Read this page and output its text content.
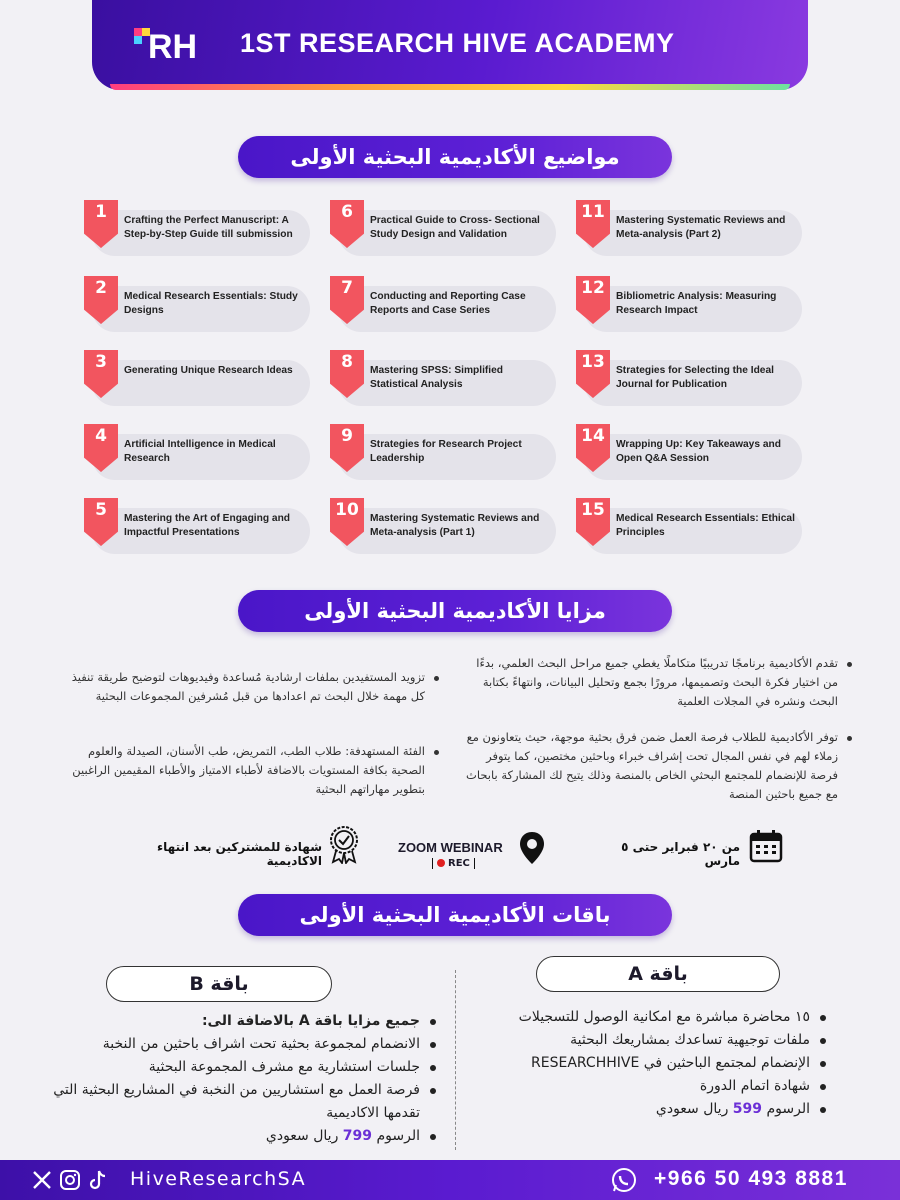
RH 1ST RESEARCH HIVE ACADEMY
مواضيع الأكاديمية البحثية الأولى
1	Crafting the Perfect Manuscript: A Step-by-Step Guide till submission
2	Medical Research Essentials: Study Designs
3	Generating Unique Research Ideas
4	Artificial Intelligence in Medical Research
5	Mastering the Art of Engaging and Impactful Presentations
6	Practical Guide to Cross- Sectional Study Design and Validation
7	Conducting and Reporting Case Reports and Case Series
8	Mastering SPSS: Simplified Statistical Analysis
9	Strategies for Research Project Leadership
10	Mastering Systematic Reviews and Meta-analysis (Part 1)
11	Mastering Systematic Reviews and Meta-analysis (Part 2)
12	Bibliometric Analysis: Measuring Research Impact
13	Strategies for Selecting the Ideal Journal for Publication
14	Wrapping Up: Key Takeaways and Open Q&A Session
15	Medical Research Essentials: Ethical Principles
مزايا الأكاديمية البحثية الأولى
تقدم الأكاديمية برنامجًا تدريبيًا متكاملًا يغطي جميع مراحل البحث العلمي، بدءًا من اختيار فكرة البحث وتصميمها، مرورًا بجمع وتحليل البيانات، وانتهاءً بكتابة البحث ونشره في المجلات العلمية
توفر الأكاديمية للطلاب فرصة العمل ضمن فرق بحثية موجهة، حيث يتعاونون مع زملاء لهم في نفس المجال تحت إشراف خبراء وباحثين مختصين، كما يتوفر فرصة للإنضمام للمجتمع البحثي الخاص بالمنصة وذلك يتيح لك المشاركة بابحاث مع جميع باحثين المنصة
تزويد المستفيدين بملفات ارشادية مُساعدة وفيديوهات لتوضيح طريقة تنفيذ كل مهمة خلال البحث تم اعدادها من قبل مُشرفين المجموعات البحثية
الفئة المستهدفة: طلاب الطب، التمريض، طب الأسنان، الصيدلة والعلوم الصحية بكافة المستويات بالاضافة لأطباء الامتياز والأطباء المقيمين الراغبين بتطوير مهاراتهم البحثية
من ٢٠ فبراير حتى ٥ مارس
ZOOM WEBINAR
REC
شهادة للمشتركين بعد انتهاء الاكاديمية
باقات الأكاديمية البحثية الأولى
باقة A
باقة B
١٥ محاضرة مباشرة مع امكانية الوصول للتسجيلات
ملفات توجيهية تساعدك بمشاريعك البحثية
الإنضمام لمجتمع الباحثين في RESEARCHHIVE
شهادة اتمام الدورة
الرسوم 599 ريال سعودي
جميع مزايا باقة A بالاضافة الى:
الانضمام لمجموعة بحثية تحت اشراف باحثين من النخبة
جلسات استشارية مع مشرف المجموعة البحثية
فرصة العمل مع استشاريين من النخبة في المشاريع البحثية التي تقدمها الاكاديمية
الرسوم 799 ريال سعودي
HiveResearchSA	+966 50 493 8881
